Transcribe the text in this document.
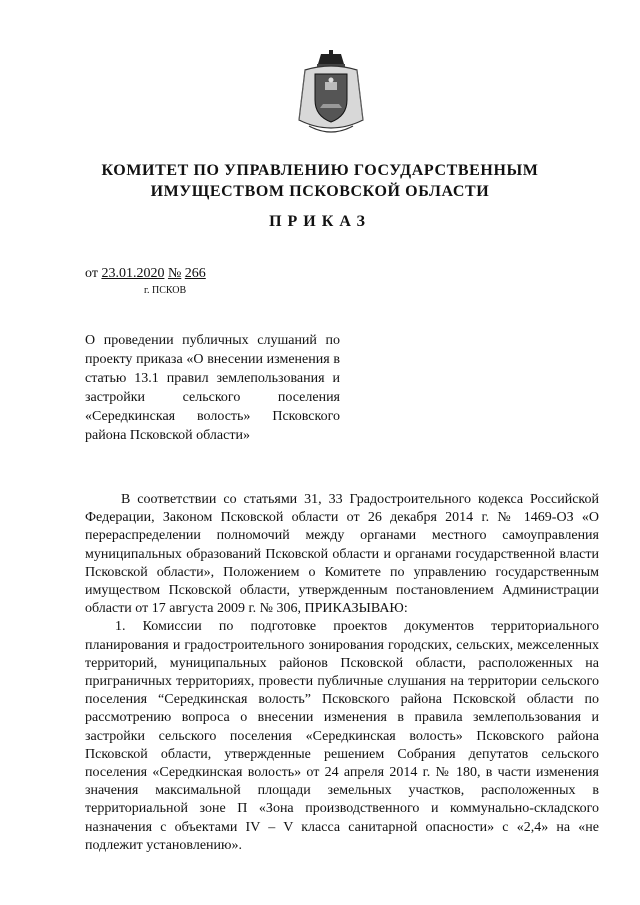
КОМИТЕТ ПО УПРАВЛЕНИЮ ГОСУДАРСТВЕННЫМ
ИМУЩЕСТВОМ ПСКОВСКОЙ ОБЛАСТИ
ПРИКАЗ
от 23.01.2020 № 266
г. ПСКОВ
О проведении публичных слушаний по проекту приказа «О внесении изменения в статью 13.1 правил землепользования и застройки сельского поселения «Середкинская волость» Псковского района Псковской области»

В соответствии со статьями 31, 33 Градостроительного кодекса Российской Федерации, Законом Псковской области от 26 декабря 2014 г. № 1469-ОЗ «О перераспределении полномочий между органами местного самоуправления муниципальных образований Псковской области и органами государственной власти Псковской области», Положением о Комитете по управлению государственным имуществом Псковской области, утвержденным постановлением Администрации области от 17 августа 2009 г. № 306, ПРИКАЗЫВАЮ:

1. Комиссии по подготовке проектов документов территориального планирования и градостроительного зонирования городских, сельских, межселенных территорий, муниципальных районов Псковской области, расположенных на приграничных территориях, провести публичные слушания на территории сельского поселения “Середкинская волость” Псковского района Псковской области по рассмотрению вопроса о внесении изменения в правила землепользования и застройки сельского поселения «Середкинская волость» Псковского района Псковской области, утвержденные решением Собрания депутатов сельского поселения «Середкинская волость» от 24 апреля 2014 г. № 180, в части изменения значения максимальной площади земельных участков, расположенных в территориальной зоне П «Зона производственного и коммунально-складского назначения с объектами IV – V класса санитарной опасности» с «2,4» на «не подлежит установлению».
